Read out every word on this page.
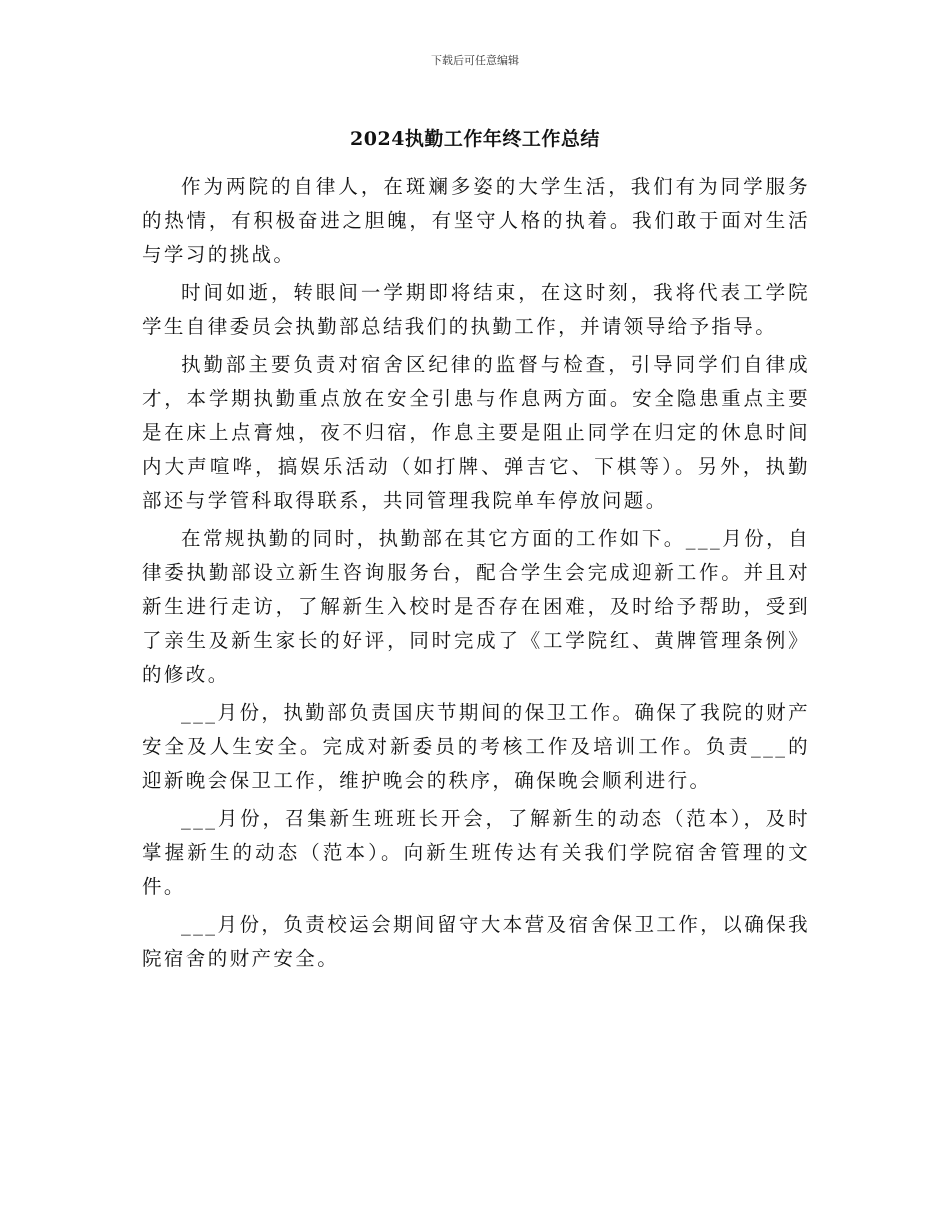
下载后可任意编辑
2024执勤工作年终工作总结

作为两院的自律人，在斑斓多姿的大学生活，我们有为同学服务的热情，有积极奋进之胆魄，有坚守人格的执着。我们敢于面对生活与学习的挑战。

时间如逝，转眼间一学期即将结束，在这时刻，我将代表工学院学生自律委员会执勤部总结我们的执勤工作，并请领导给予指导。

执勤部主要负责对宿舍区纪律的监督与检查，引导同学们自律成才，本学期执勤重点放在安全引患与作息两方面。安全隐患重点主要是在床上点膏烛，夜不归宿，作息主要是阻止同学在归定的休息时间内大声喧哗，搞娱乐活动（如打牌、弹吉它、下棋等）。另外，执勤部还与学管科取得联系，共同管理我院单车停放问题。

在常规执勤的同时，执勤部在其它方面的工作如下。___月份，自律委执勤部设立新生咨询服务台，配合学生会完成迎新工作。并且对新生进行走访，了解新生入校时是否存在困难，及时给予帮助，受到了亲生及新生家长的好评，同时完成了《工学院红、黄牌管理条例》的修改。

___月份，执勤部负责国庆节期间的保卫工作。确保了我院的财产安全及人生安全。完成对新委员的考核工作及培训工作。负责___的迎新晚会保卫工作，维护晚会的秩序，确保晚会顺利进行。

___月份，召集新生班班长开会，了解新生的动态（范本），及时掌握新生的动态（范本）。向新生班传达有关我们学院宿舍管理的文件。

___月份，负责校运会期间留守大本营及宿舍保卫工作，以确保我院宿舍的财产安全。
